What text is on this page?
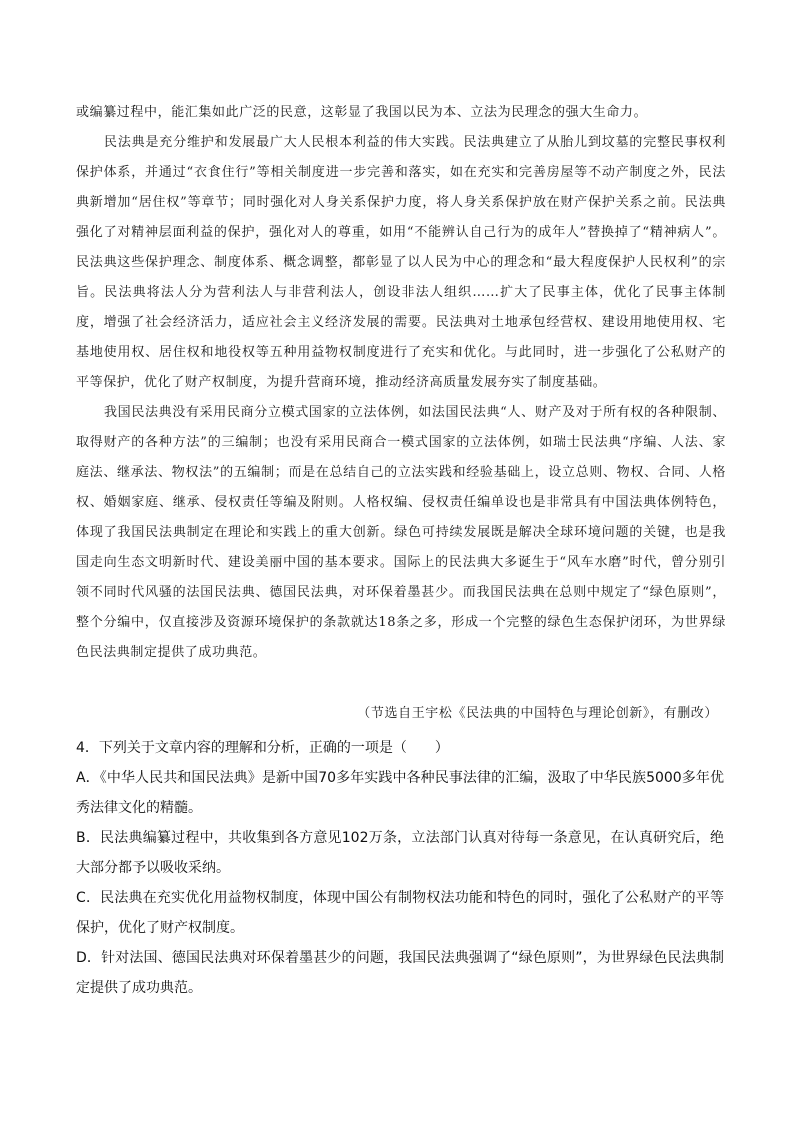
或编纂过程中，能汇集如此广泛的民意，这彰显了我国以民为本、立法为民理念的强大生命力。

民法典是充分维护和发展最广大人民根本利益的伟大实践。民法典建立了从胎儿到坟墓的完整民事权利保护体系，并通过“衣食住行”等相关制度进一步完善和落实，如在充实和完善房屋等不动产制度之外，民法典新增加“居住权”等章节；同时强化对人身关系保护力度，将人身关系保护放在财产保护关系之前。民法典强化了对精神层面利益的保护，强化对人的尊重，如用“不能辨认自己行为的成年人”替换掉了“精神病人”。民法典这些保护理念、制度体系、概念调整，都彰显了以人民为中心的理念和“最大程度保护人民权利”的宗旨。民法典将法人分为营利法人与非营利法人，创设非法人组织……扩大了民事主体，优化了民事主体制度，增强了社会经济活力，适应社会主义经济发展的需要。民法典对土地承包经营权、建设用地使用权、宅基地使用权、居住权和地役权等五种用益物权制度进行了充实和优化。与此同时，进一步强化了公私财产的平等保护，优化了财产权制度，为提升营商环境，推动经济高质量发展夯实了制度基础。

我国民法典没有采用民商分立模式国家的立法体例，如法国民法典“人、财产及对于所有权的各种限制、取得财产的各种方法”的三编制；也没有采用民商合一模式国家的立法体例，如瑞士民法典“序编、人法、家庭法、继承法、物权法”的五编制；而是在总结自己的立法实践和经验基础上，设立总则、物权、合同、人格权、婚姻家庭、继承、侵权责任等编及附则。人格权编、侵权责任编单设也是非常具有中国法典体例特色，体现了我国民法典制定在理论和实践上的重大创新。绿色可持续发展既是解决全球环境问题的关键，也是我国走向生态文明新时代、建设美丽中国的基本要求。国际上的民法典大多诞生于“风车水磨”时代，曾分别引领不同时代风骚的法国民法典、德国民法典，对环保着墨甚少。而我国民法典在总则中规定了“绿色原则”，整个分编中，仅直接涉及资源环境保护的条款就达18条之多，形成一个完整的绿色生态保护闭环，为世界绿色民法典制定提供了成功典范。

（节选自王宇松《民法典的中国特色与理论创新》，有删改）

4．下列关于文章内容的理解和分析，正确的一项是（　　）

A．《中华人民共和国民法典》是新中国70多年实践中各种民事法律的汇编，汲取了中华民族5000多年优秀法律文化的精髓。

B．民法典编纂过程中，共收集到各方意见102万条，立法部门认真对待每一条意见，在认真研究后，绝大部分都予以吸收采纳。

C．民法典在充实优化用益物权制度，体现中国公有制物权法功能和特色的同时，强化了公私财产的平等保护，优化了财产权制度。

D．针对法国、德国民法典对环保着墨甚少的问题，我国民法典强调了“绿色原则”，为世界绿色民法典制定提供了成功典范。
